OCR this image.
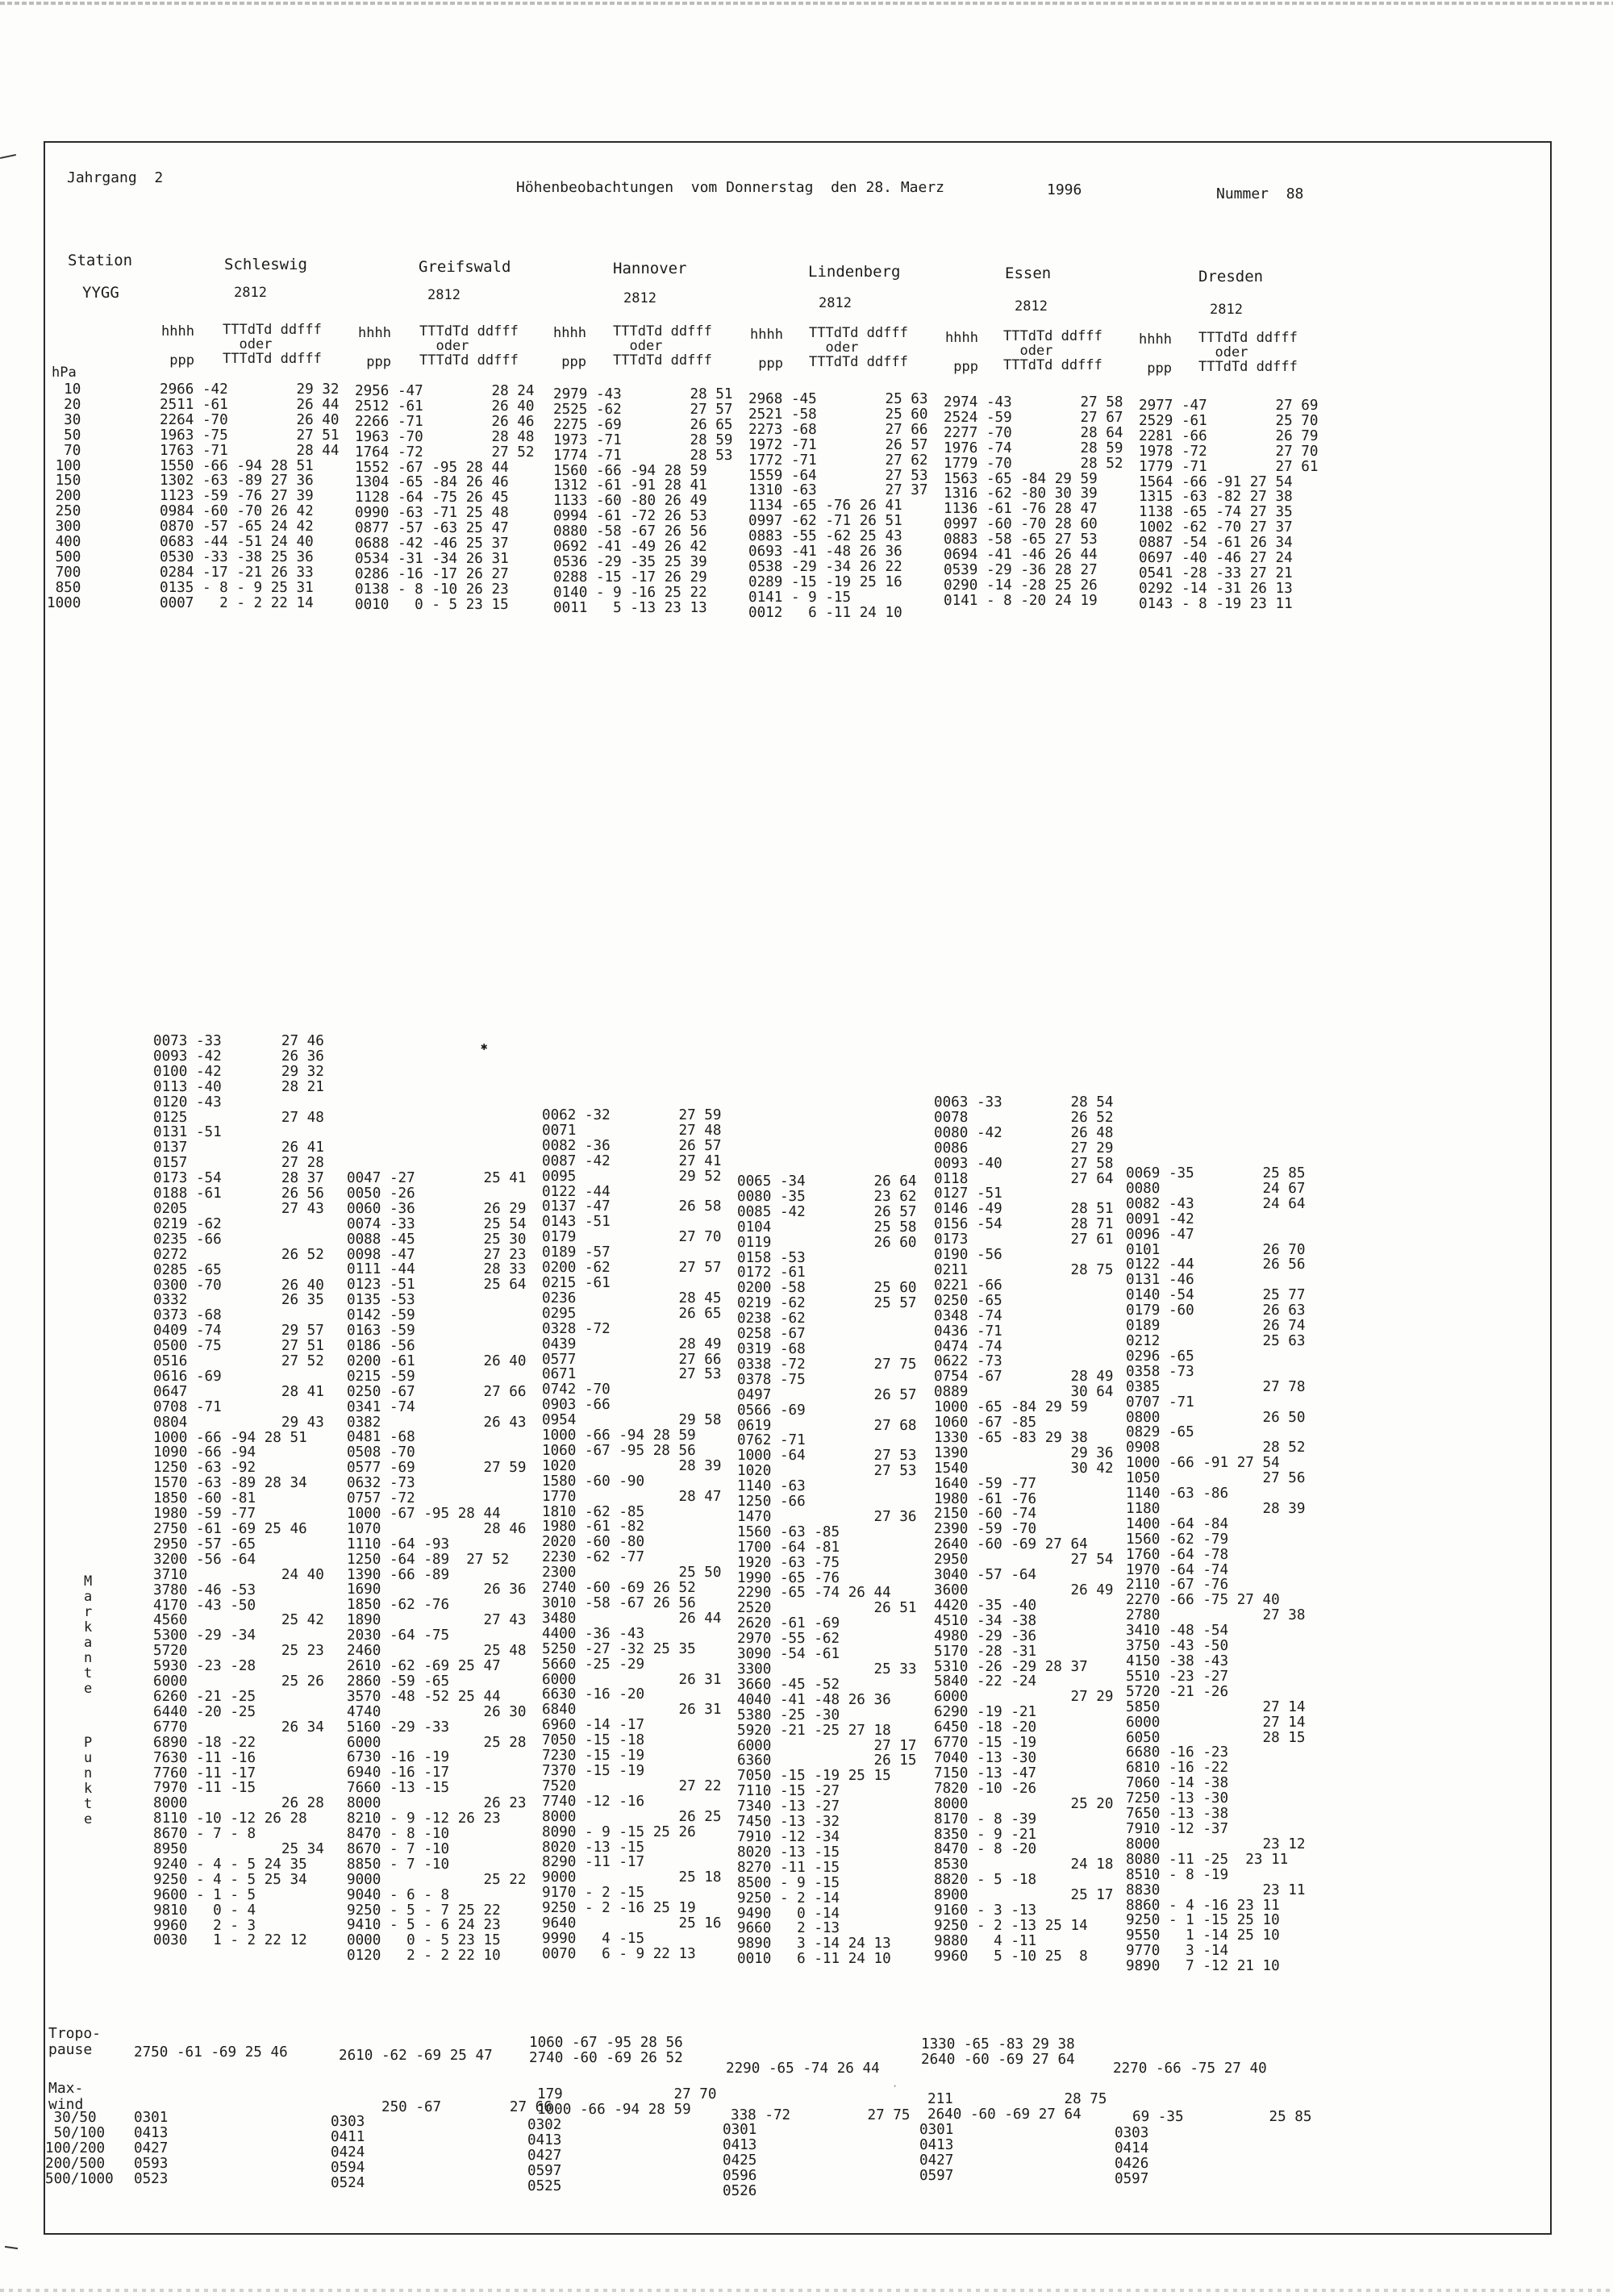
Jahrgang  2
Höhenbeobachtungen  vom Donnerstag  den 28. Maerz	1996	Nummer  88
Station
YYGG
hPa
10
20
30
50
70
100
150
200
250
300
400
500
700
850
1000
Schleswig
2812
hhhh

ppp
TTTdTd ddfff
oder
TTTdTd ddfff
2966 -42        29 32
2511 -61        26 44
2264 -70        26 40
1963 -75        27 51
1763 -71        28 44
1550 -66 -94 28 51
1302 -63 -89 27 36
1123 -59 -76 27 39
0984 -60 -70 26 42
0870 -57 -65 24 42
0683 -44 -51 24 40
0530 -33 -38 25 36
0284 -17 -21 26 33
0135 - 8 - 9 25 31
0007   2 - 2 22 14
0073 -33       27 46
0093 -42       26 36
0100 -42       29 32
0113 -40       28 21
0120 -43
0125           27 48
0131 -51
0137           26 41
0157           27 28
0173 -54       28 37
0188 -61       26 56
0205           27 43
0219 -62
0235 -66
0272           26 52
0285 -65
0300 -70       26 40
0332           26 35
0373 -68
0409 -74       29 57
0500 -75       27 51
0516           27 52
0616 -69
0647           28 41
0708 -71
0804           29 43
1000 -66 -94 28 51
1090 -66 -94
1250 -63 -92
1570 -63 -89 28 34
1850 -60 -81
1980 -59 -77
2750 -61 -69 25 46
2950 -57 -65
3200 -56 -64
3710           24 40
3780 -46 -53
4170 -43 -50
4560           25 42
5300 -29 -34
5720           25 23
5930 -23 -28
6000           25 26
6260 -21 -25
6440 -20 -25
6770           26 34
6890 -18 -22
7630 -11 -16
7760 -11 -17
7970 -11 -15
8000           26 28
8110 -10 -12 26 28
8670 - 7 - 8
8950           25 34
9240 - 4 - 5 24 35
9250 - 4 - 5 25 34
9600 - 1 - 5
9810   0 - 4
9960   2 - 3
0030   1 - 2 22 12
2750 -61 -69 25 46
0301
0413
0427
0593
0523
Greifswald
2812
hhhh

ppp
TTTdTd ddfff
oder
TTTdTd ddfff
2956 -47        28 24
2512 -61        26 40
2266 -71        26 46
1963 -70        28 48
1764 -72        27 52
1552 -67 -95 28 44
1304 -65 -84 26 46
1128 -64 -75 26 45
0990 -63 -71 25 48
0877 -57 -63 25 47
0688 -42 -46 25 37
0534 -31 -34 26 31
0286 -16 -17 26 27
0138 - 8 -10 26 23
0010   0 - 5 23 15
0047 -27        25 41
0050 -26
0060 -36        26 29
0074 -33        25 54
0088 -45        25 30
0098 -47        27 23
0111 -44        28 33
0123 -51        25 64
0135 -53
0142 -59
0163 -59
0186 -56
0200 -61        26 40
0215 -59
0250 -67        27 66
0341 -74
0382            26 43
0481 -68
0508 -70
0577 -69        27 59
0632 -73
0757 -72
1000 -67 -95 28 44
1070            28 46
1110 -64 -93
1250 -64 -89  27 52
1390 -66 -89
1690            26 36
1850 -62 -76
1890            27 43
2030 -64 -75
2460            25 48
2610 -62 -69 25 47
2860 -59 -65
3570 -48 -52 25 44
4740            26 30
5160 -29 -33
6000            25 28
6730 -16 -19
6940 -16 -17
7660 -13 -15
8000            26 23
8210 - 9 -12 26 23
8470 - 8 -10
8670 - 7 -10
8850 - 7 -10
9000            25 22
9040 - 6 - 8
9250 - 5 - 7 25 22
9410 - 5 - 6 24 23
0000   0 - 5 23 15
0120   2 - 2 22 10
2610 -62 -69 25 47
250 -67        27 66
0303
0411
0424
0594
0524
Hannover
2812
hhhh

ppp
TTTdTd ddfff
oder
TTTdTd ddfff
2979 -43        28 51
2525 -62        27 57
2275 -69        26 65
1973 -71        28 59
1774 -71        28 53
1560 -66 -94 28 59
1312 -61 -91 28 41
1133 -60 -80 26 49
0994 -61 -72 26 53
0880 -58 -67 26 56
0692 -41 -49 26 42
0536 -29 -35 25 39
0288 -15 -17 26 29
0140 - 9 -16 25 22
0011   5 -13 23 13
0062 -32        27 59
0071            27 48
0082 -36        26 57
0087 -42        27 41
0095            29 52
0122 -44
0137 -47        26 58
0143 -51
0179            27 70
0189 -57
0200 -62        27 57
0215 -61
0236            28 45
0295            26 65
0328 -72
0439            28 49
0577            27 66
0671            27 53
0742 -70
0903 -66
0954            29 58
1000 -66 -94 28 59
1060 -67 -95 28 56
1020            28 39
1580 -60 -90
1770            28 47
1810 -62 -85
1980 -61 -82
2020 -60 -80
2230 -62 -77
2300            25 50
2740 -60 -69 26 52
3010 -58 -67 26 56
3480            26 44
4400 -36 -43
5250 -27 -32 25 35
5660 -25 -29
6000            26 31
6630 -16 -20
6840            26 31
6960 -14 -17
7050 -15 -18
7230 -15 -19
7370 -15 -19
7520            27 22
7740 -12 -16
8000            26 25
8090 - 9 -15 25 26
8020 -13 -15
8290 -11 -17
9000            25 18
9170 - 2 -15
9250 - 2 -16 25 19
9640            25 16
9990   4 -15
0070   6 - 9 22 13
1060 -67 -95 28 56
2740 -60 -69 26 52
179             27 70
1000 -66 -94 28 59
0302
0413
0427
0597
0525
Lindenberg
2812
hhhh

ppp
TTTdTd ddfff
oder
TTTdTd ddfff
2968 -45        25 63
2521 -58        25 60
2273 -68        27 66
1972 -71        26 57
1772 -71        27 62
1559 -64        27 53
1310 -63        27 37
1134 -65 -76 26 41
0997 -62 -71 26 51
0883 -55 -62 25 43
0693 -41 -48 26 36
0538 -29 -34 26 22
0289 -15 -19 25 16
0141 - 9 -15
0012   6 -11 24 10
0065 -34        26 64
0080 -35        23 62
0085 -42        26 57
0104            25 58
0119            26 60
0158 -53
0172 -61
0200 -58        25 60
0219 -62        25 57
0238 -62
0258 -67
0319 -68
0338 -72        27 75
0378 -75
0497            26 57
0566 -69
0619            27 68
0762 -71
1000 -64        27 53
1020            27 53
1140 -63
1250 -66
1470            27 36
1560 -63 -85
1700 -64 -81
1920 -63 -75
1990 -65 -76
2290 -65 -74 26 44
2520            26 51
2620 -61 -69
2970 -55 -62
3090 -54 -61
3300            25 33
3660 -45 -52
4040 -41 -48 26 36
5380 -25 -30
5920 -21 -25 27 18
6000            27 17
6360            26 15
7050 -15 -19 25 15
7110 -15 -27
7340 -13 -27
7450 -13 -32
7910 -12 -34
8020 -13 -15
8270 -11 -15
8500 - 9 -15
9250 - 2 -14
9490   0 -14
9660   2 -13
9890   3 -14 24 13
0010   6 -11 24 10
2290 -65 -74 26 44
338 -72         27 75
0301
0413
0425
0596
0526
Essen
2812
hhhh

ppp
TTTdTd ddfff
oder
TTTdTd ddfff
2974 -43        27 58
2524 -59        27 67
2277 -70        28 64
1976 -74        28 59
1779 -70        28 52
1563 -65 -84 29 59
1316 -62 -80 30 39
1136 -61 -76 28 47
0997 -60 -70 28 60
0883 -58 -65 27 53
0694 -41 -46 26 44
0539 -29 -36 28 27
0290 -14 -28 25 26
0141 - 8 -20 24 19
0063 -33        28 54
0078            26 52
0080 -42        26 48
0086            27 29
0093 -40        27 58
0118            27 64
0127 -51
0146 -49        28 51
0156 -54        28 71
0173            27 61
0190 -56
0211            28 75
0221 -66
0250 -65
0348 -74
0436 -71
0474 -74
0622 -73
0754 -67        28 49
0889            30 64
1000 -65 -84 29 59
1060 -67 -85
1330 -65 -83 29 38
1390            29 36
1540            30 42
1640 -59 -77
1980 -61 -76
2150 -60 -74
2390 -59 -70
2640 -60 -69 27 64
2950            27 54
3040 -57 -64
3600            26 49
4420 -35 -40
4510 -34 -38
4980 -29 -36
5170 -28 -31
5310 -26 -29 28 37
5840 -22 -24
6000            27 29
6290 -19 -21
6450 -18 -20
6770 -15 -19
7040 -13 -30
7150 -13 -47
7820 -10 -26
8000            25 20
8170 - 8 -39
8350 - 9 -21
8470 - 8 -20
8530            24 18
8820 - 5 -18
8900            25 17
9160 - 3 -13
9250 - 2 -13 25 14
9880   4 -11
9960   5 -10 25  8
1330 -65 -83 29 38
2640 -60 -69 27 64
211             28 75
2640 -60 -69 27 64
0301
0413
0427
0597
Dresden
2812
hhhh

ppp
TTTdTd ddfff
oder
TTTdTd ddfff
2977 -47        27 69
2529 -61        25 70
2281 -66        26 79
1978 -72        27 70
1779 -71        27 61
1564 -66 -91 27 54
1315 -63 -82 27 38
1138 -65 -74 27 35
1002 -62 -70 27 37
0887 -54 -61 26 34
0697 -40 -46 27 24
0541 -28 -33 27 21
0292 -14 -31 26 13
0143 - 8 -19 23 11
0069 -35        25 85
0080            24 67
0082 -43        24 64
0091 -42
0096 -47
0101            26 70
0122 -44        26 56
0131 -46
0140 -54        25 77
0179 -60        26 63
0189            26 74
0212            25 63
0296 -65
0358 -73
0385            27 78
0707 -71
0800            26 50
0829 -65
0908            28 52
1000 -66 -91 27 54
1050            27 56
1140 -63 -86
1180            28 39
1400 -64 -84
1560 -62 -79
1760 -64 -78
1970 -64 -74
2110 -67 -76
2270 -66 -75 27 40
2780            27 38
3410 -48 -54
3750 -43 -50
4150 -38 -43
5510 -23 -27
5720 -21 -26
5850            27 14
6000            27 14
6050            28 15
6680 -16 -23
6810 -16 -22
7060 -14 -38
7250 -13 -30
7650 -13 -38
7910 -12 -37
8000            23 12
8080 -11 -25  23 11
8510 - 8 -19
8830            23 11
8860 - 4 -16 23 11
9250 - 1 -15 25 10
9550   1 -14 25 10
9770   3 -14
9890   7 -12 21 10
2270 -66 -75 27 40
69 -35          25 85
0303
0414
0426
0597
M
a
r
k
a
n
t
e
P
u
n
k
t
e
Tropo-
pause
Max-
wind
30/50
50/100
100/200
200/500
500/1000
✱
·
